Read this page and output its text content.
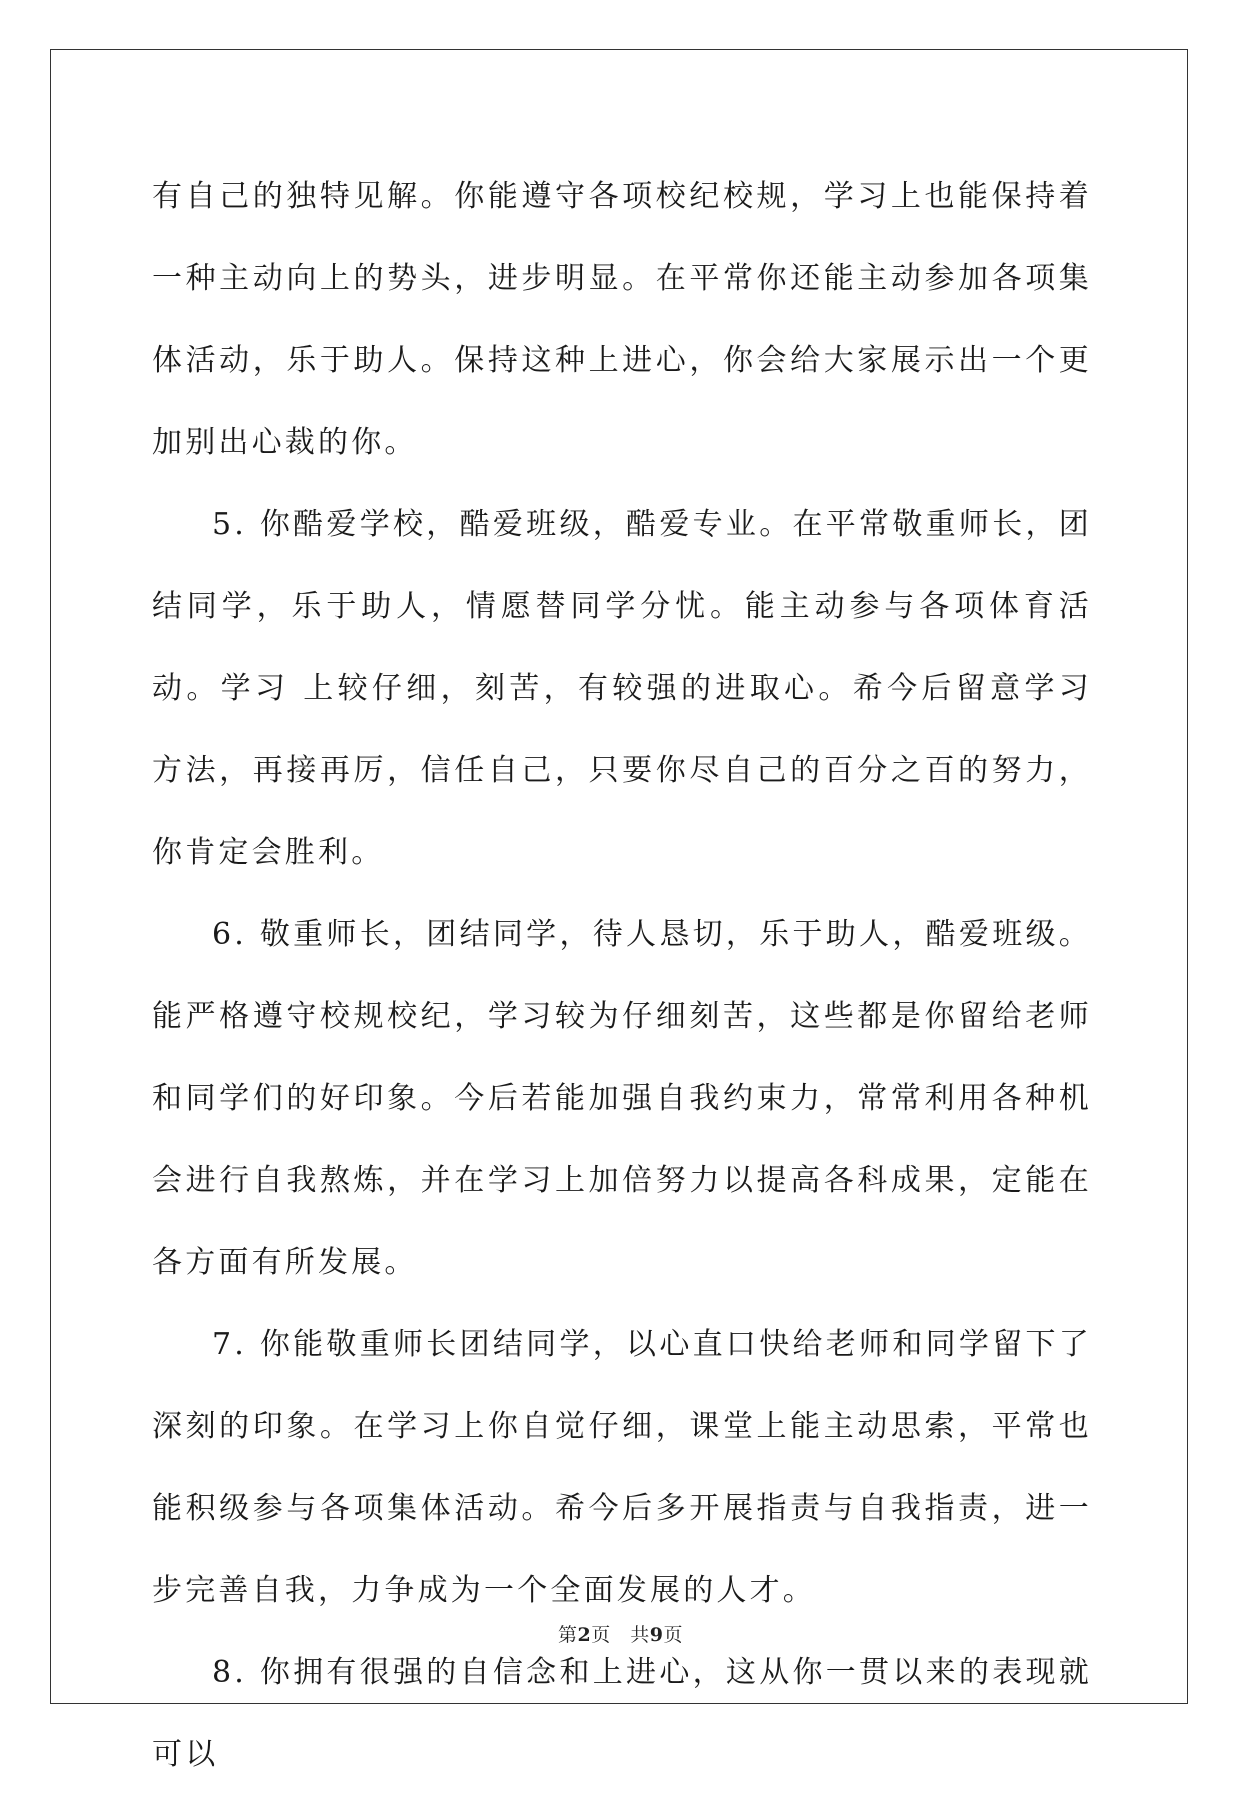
有自己的独特见解。你能遵守各项校纪校规，学习上也能保持着一种主动向上的势头，进步明显。在平常你还能主动参加各项集体活动，乐于助人。保持这种上进心，你会给大家展示出一个更加别出心裁的你。

5. 你酷爱学校，酷爱班级，酷爱专业。在平常敬重师长，团结同学，乐于助人，情愿替同学分忧。能主动参与各项体育活动。学习 上较仔细，刻苦，有较强的进取心。希今后留意学习方法，再接再厉，信任自己，只要你尽自己的百分之百的努力，你肯定会胜利。

6. 敬重师长，团结同学，待人恳切，乐于助人，酷爱班级。能严格遵守校规校纪，学习较为仔细刻苦，这些都是你留给老师和同学们的好印象。今后若能加强自我约束力，常常利用各种机会进行自我熬炼，并在学习上加倍努力以提高各科成果，定能在各方面有所发展。

7. 你能敬重师长团结同学，以心直口快给老师和同学留下了深刻的印象。在学习上你自觉仔细，课堂上能主动思索，平常也能积级参与各项集体活动。希今后多开展指责与自我指责，进一步完善自我，力争成为一个全面发展的人才。

8. 你拥有很强的自信念和上进心，这从你一贯以来的表现就可以

第2页　共9页
